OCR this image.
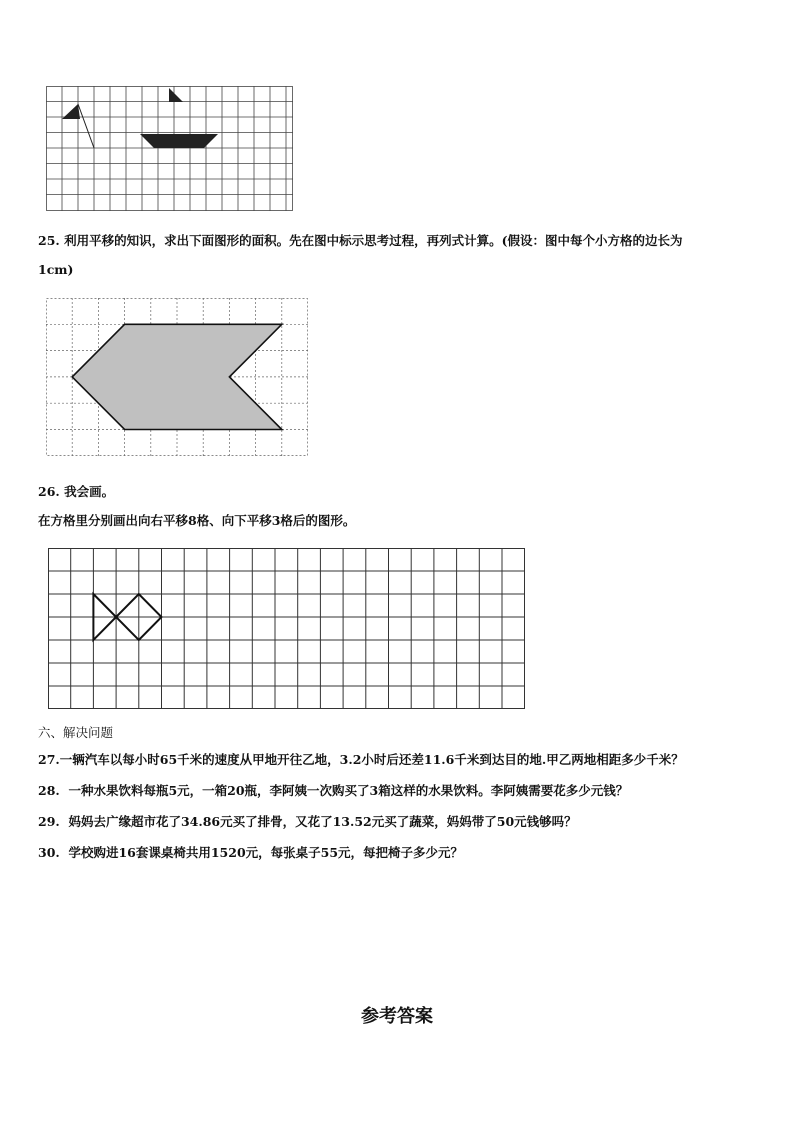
25. 利用平移的知识，求出下面图形的面积。先在图中标示思考过程，再列式计算。(假设：图中每个小方格的边长为
1cm)
26. 我会画。
在方格里分别画出向右平移8格、向下平移3格后的图形。
六、解决问题
27.一辆汽车以每小时65千米的速度从甲地开往乙地，3.2小时后还差11.6千米到达目的地.甲乙两地相距多少千米？
28. 一种水果饮料每瓶5元，一箱20瓶，李阿姨一次购买了3箱这样的水果饮料。李阿姨需要花多少元钱？
29. 妈妈去广缘超市花了34.86元买了排骨，又花了13.52元买了蔬菜，妈妈带了50元钱够吗？
30. 学校购进16套课桌椅共用1520元，每张桌子55元，每把椅子多少元？
参考答案
